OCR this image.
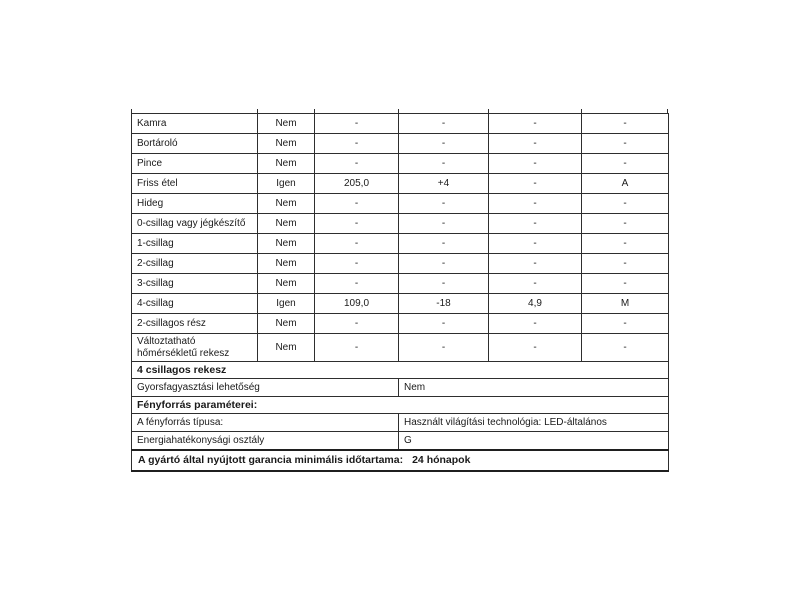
Kamra	Nem	-	-	-	-
Bortároló	Nem	-	-	-	-
Pince	Nem	-	-	-	-
Friss étel	Igen	205,0	+4	-	A
Hideg	Nem	-	-	-	-
0-csillag vagy jégkészítő	Nem	-	-	-	-
1-csillag	Nem	-	-	-	-
2-csillag	Nem	-	-	-	-
3-csillag	Nem	-	-	-	-
4-csillag	Igen	109,0	-18	4,9	M
2-csillagos rész	Nem	-	-	-	-
Változtatható hőmérsékletű rekesz	Nem	-	-	-	-
4 csillagos rekesz					
Gyorsfagyasztási lehetőség			Nem		
Fényforrás paraméterei:					
A fényforrás típusa:			Használt világítási technológia: LED-általános		
Energiahatékonysági osztály			G		
A gyártó által nyújtott garancia minimális időtartama: 24 hónapok					
